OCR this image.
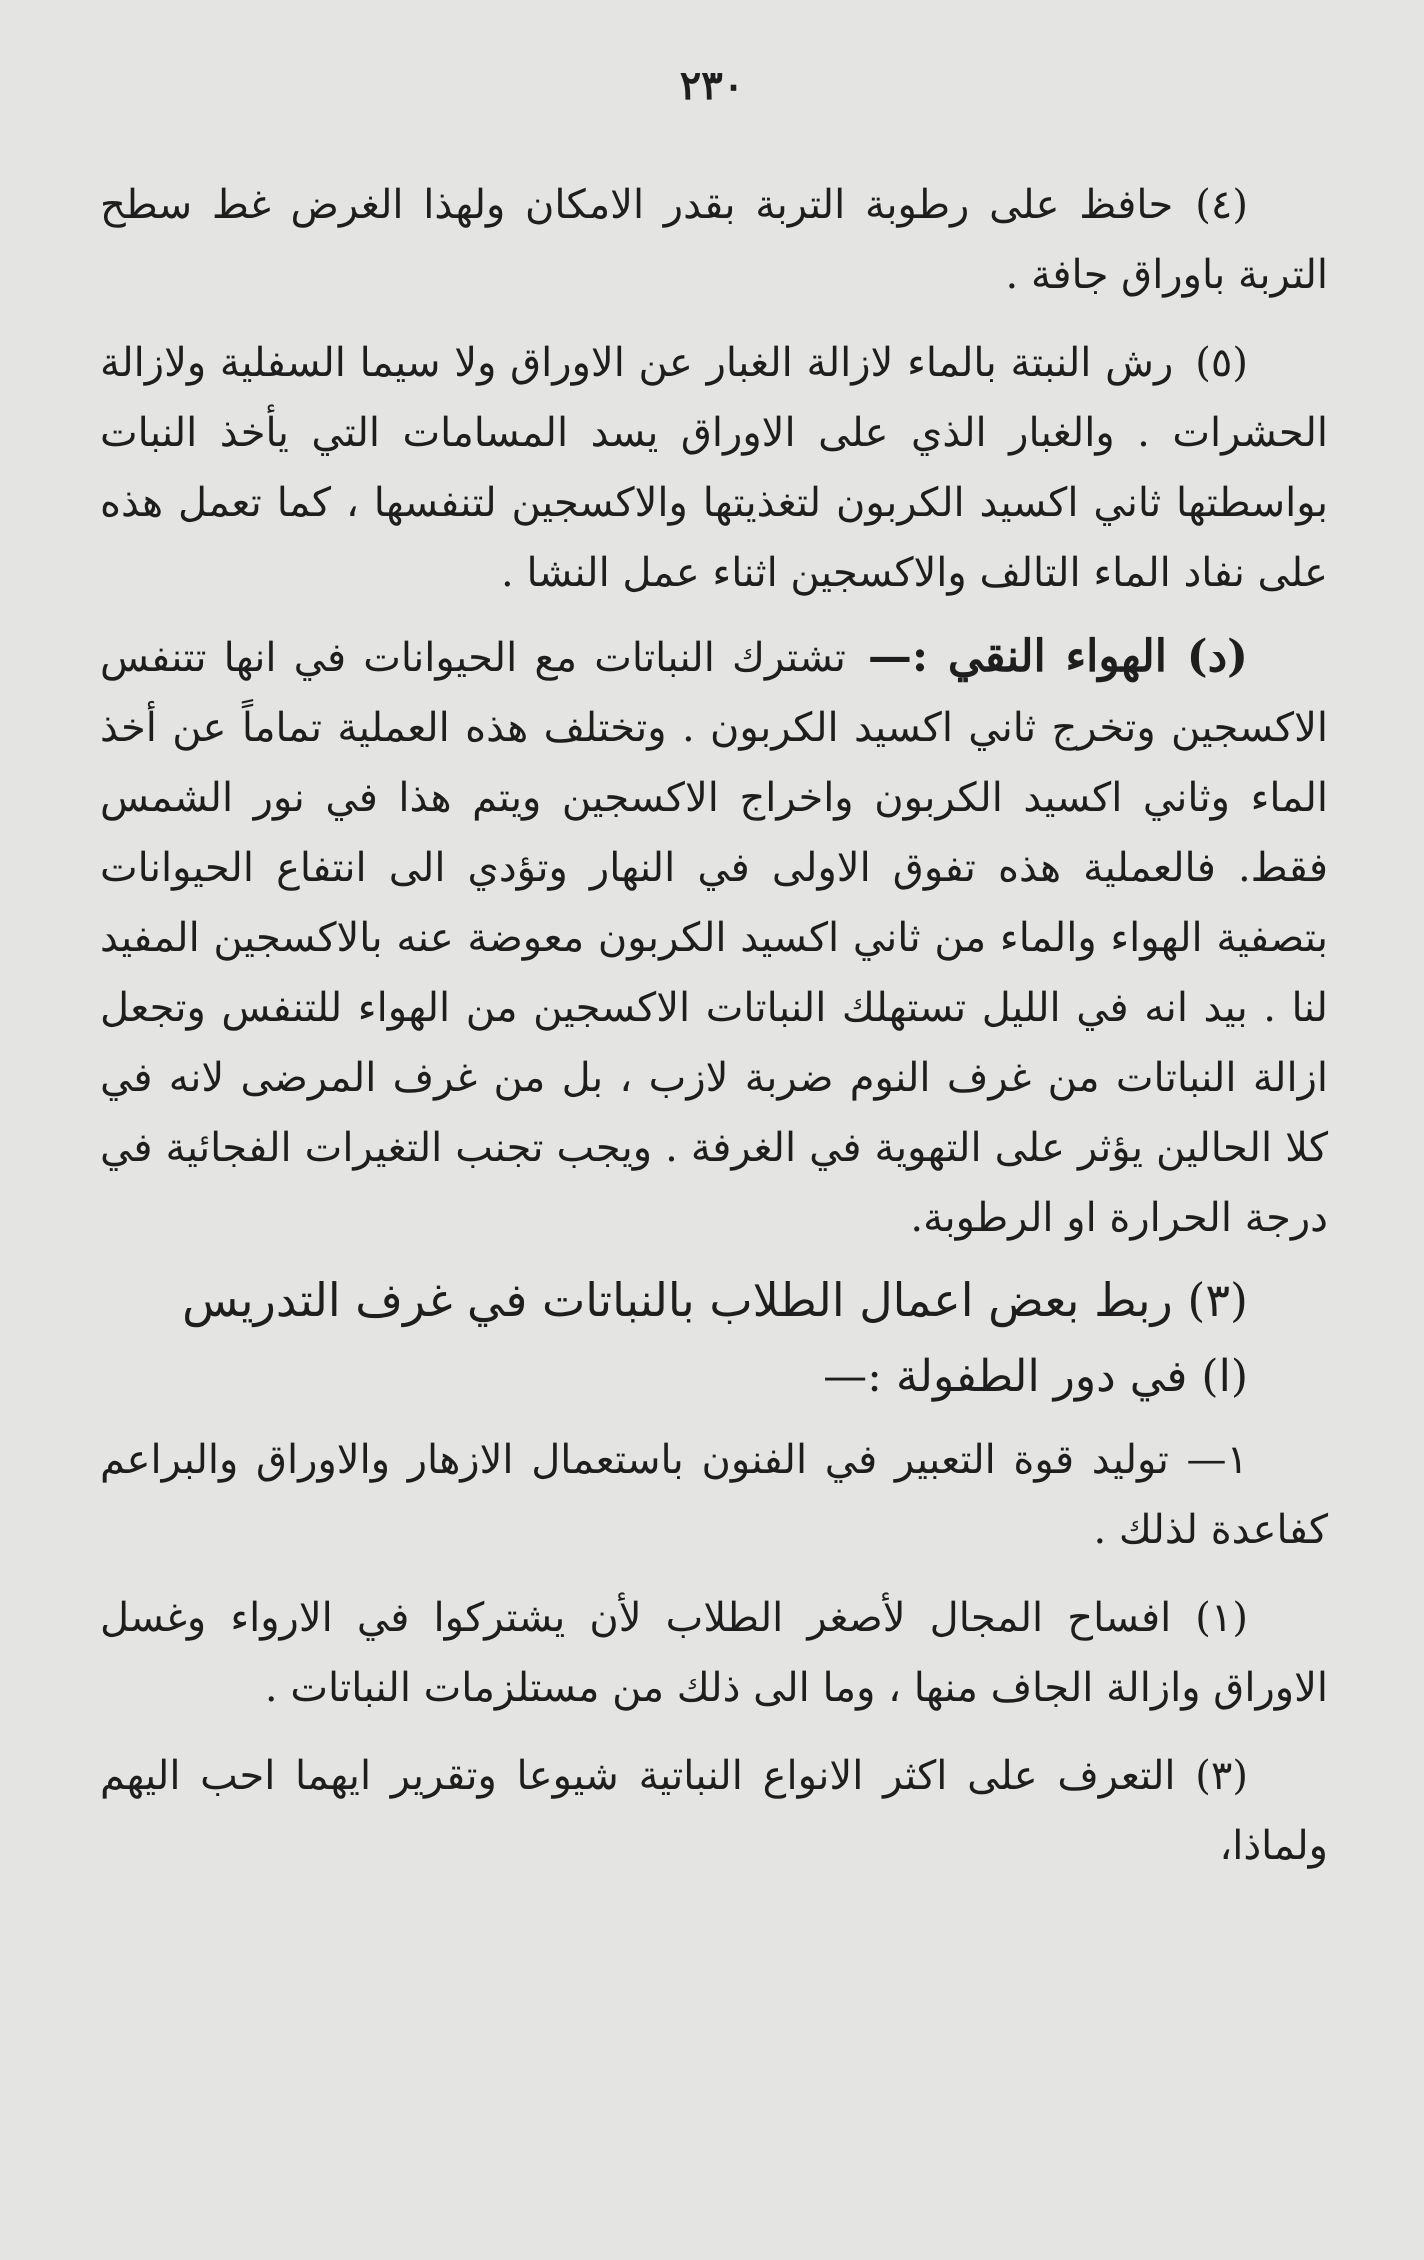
٢٣٠

(٤)حافظ على رطوبة التربة بقدر الامكان ولهذا الغرض غط سطح التربة باوراق جافة .

(٥)رش النبتة بالماء لازالة الغبار عن الاوراق ولا سيما السفلية ولازالة الحشرات . والغبار الذي على الاوراق يسد المسامات التي يأخذ النبات بواسطتها ثاني اكسيد الكربون لتغذيتها والاكسجين لتنفسها ، كما تعمل هذه على نفاد الماء التالف والاكسجين اثناء عمل النشا .

(د) الهواء النقي :—تشترك النباتات مع الحيوانات في انها تتنفس الاكسجين وتخرج ثاني اكسيد الكربون . وتختلف هذه العملية تماماً عن أخذ الماء وثاني اكسيد الكربون واخراج الاكسجين ويتم هذا في نور الشمس فقط. فالعملية هذه تفوق الاولى في النهار وتؤدي الى انتفاع الحيوانات بتصفية الهواء والماء من ثاني اكسيد الكربون معوضة عنه بالاكسجين المفيد لنا . بيد انه في الليل تستهلك النباتات الاكسجين من الهواء للتنفس وتجعل ازالة النباتات من غرف النوم ضربة لازب ، بل من غرف المرضى لانه في كلا الحالين يؤثر على التهوية في الغرفة . ويجب تجنب التغيرات الفجائية في درجة الحرارة او الرطوبة.

(٣) ربط بعض اعمال الطلاب بالنباتات في غرف التدريس

(ا) في دور الطفولة :—

١— توليد قوة التعبير في الفنون باستعمال الازهار والاوراق والبراعم كفاعدة لذلك .

(١) افساح المجال لأصغر الطلاب لأن يشتركوا في الارواء وغسل الاوراق وازالة الجاف منها ، وما الى ذلك من مستلزمات النباتات .

(٣) التعرف على اكثر الانواع النباتية شيوعا وتقرير ايهما احب اليهم ولماذا،
